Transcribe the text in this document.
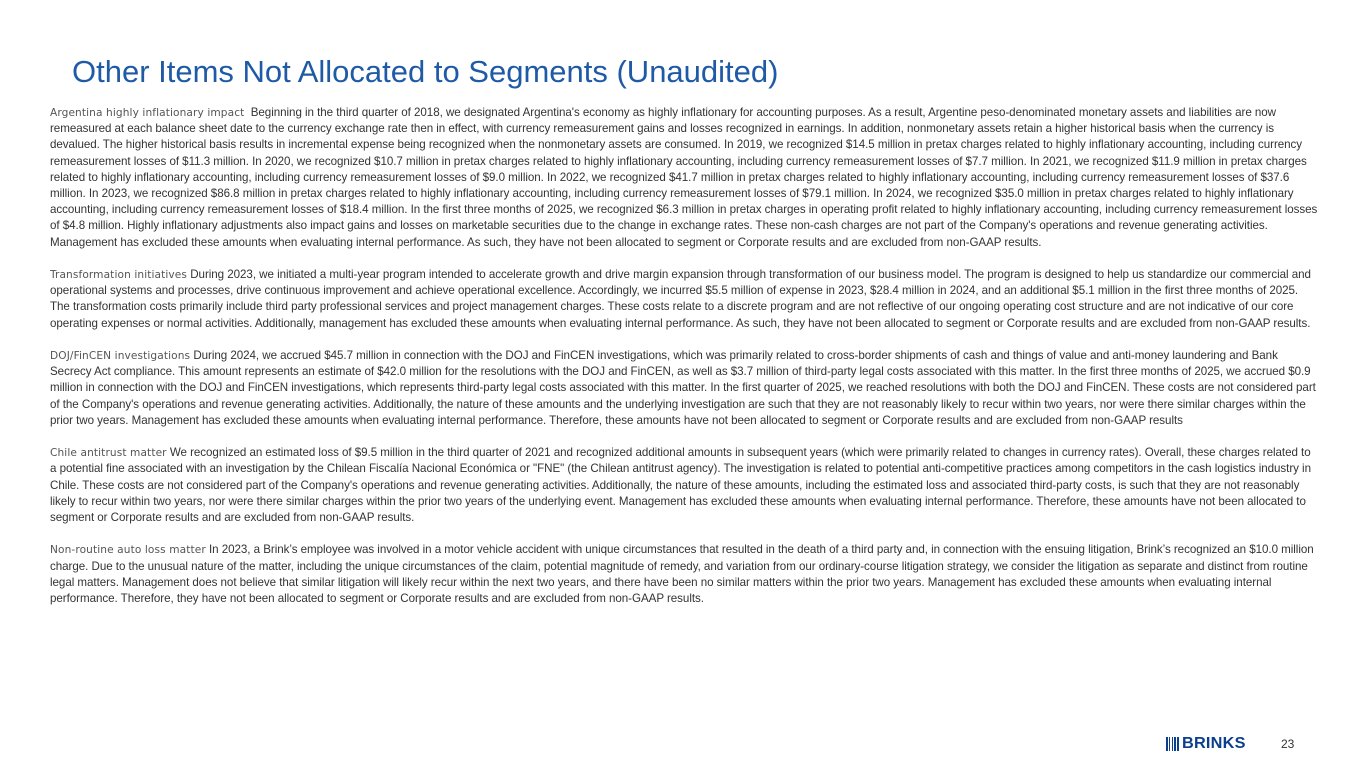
Other Items Not Allocated to Segments (Unaudited)

Argentina highly inflationary impact Beginning in the third quarter of 2018, we designated Argentina's economy as highly inflationary for accounting purposes. As a result, Argentine peso-denominated monetary assets and liabilities are now remeasured at each balance sheet date to the currency exchange rate then in effect, with currency remeasurement gains and losses recognized in earnings. In addition, nonmonetary assets retain a higher historical basis when the currency is devalued. The higher historical basis results in incremental expense being recognized when the nonmonetary assets are consumed. In 2019, we recognized $14.5 million in pretax charges related to highly inflationary accounting, including currency remeasurement losses of $11.3 million. In 2020, we recognized $10.7 million in pretax charges related to highly inflationary accounting, including currency remeasurement losses of $7.7 million. In 2021, we recognized $11.9 million in pretax charges related to highly inflationary accounting, including currency remeasurement losses of $9.0 million. In 2022, we recognized $41.7 million in pretax charges related to highly inflationary accounting, including currency remeasurement losses of $37.6 million. In 2023, we recognized $86.8 million in pretax charges related to highly inflationary accounting, including currency remeasurement losses of $79.1 million. In 2024, we recognized $35.0 million in pretax charges related to highly inflationary accounting, including currency remeasurement losses of $18.4 million. In the first three months of 2025, we recognized $6.3 million in pretax charges in operating profit related to highly inflationary accounting, including currency remeasurement losses of $4.8 million. Highly inflationary adjustments also impact gains and losses on marketable securities due to the change in exchange rates. These non-cash charges are not part of the Company's operations and revenue generating activities. Management has excluded these amounts when evaluating internal performance. As such, they have not been allocated to segment or Corporate results and are excluded from non-GAAP results.

Transformation initiatives During 2023, we initiated a multi-year program intended to accelerate growth and drive margin expansion through transformation of our business model. The program is designed to help us standardize our commercial and operational systems and processes, drive continuous improvement and achieve operational excellence. Accordingly, we incurred $5.5 million of expense in 2023, $28.4 million in 2024, and an additional $5.1 million in the first three months of 2025. The transformation costs primarily include third party professional services and project management charges. These costs relate to a discrete program and are not reflective of our ongoing operating cost structure and are not indicative of our core operating expenses or normal activities. Additionally, management has excluded these amounts when evaluating internal performance. As such, they have not been allocated to segment or Corporate results and are excluded from non-GAAP results.

DOJ/FinCEN investigations During 2024, we accrued $45.7 million in connection with the DOJ and FinCEN investigations, which was primarily related to cross-border shipments of cash and things of value and anti-money laundering and Bank Secrecy Act compliance. This amount represents an estimate of $42.0 million for the resolutions with the DOJ and FinCEN, as well as $3.7 million of third-party legal costs associated with this matter. In the first three months of 2025, we accrued $0.9 million in connection with the DOJ and FinCEN investigations, which represents third-party legal costs associated with this matter. In the first quarter of 2025, we reached resolutions with both the DOJ and FinCEN. These costs are not considered part of the Company's operations and revenue generating activities. Additionally, the nature of these amounts and the underlying investigation are such that they are not reasonably likely to recur within two years, nor were there similar charges within the prior two years. Management has excluded these amounts when evaluating internal performance. Therefore, these amounts have not been allocated to segment or Corporate results and are excluded from non-GAAP results

Chile antitrust matter We recognized an estimated loss of $9.5 million in the third quarter of 2021 and recognized additional amounts in subsequent years (which were primarily related to changes in currency rates). Overall, these charges related to a potential fine associated with an investigation by the Chilean Fiscalía Nacional Económica or "FNE" (the Chilean antitrust agency). The investigation is related to potential anti-competitive practices among competitors in the cash logistics industry in Chile. These costs are not considered part of the Company's operations and revenue generating activities. Additionally, the nature of these amounts, including the estimated loss and associated third-party costs, is such that they are not reasonably likely to recur within two years, nor were there similar charges within the prior two years of the underlying event. Management has excluded these amounts when evaluating internal performance. Therefore, these amounts have not been allocated to segment or Corporate results and are excluded from non-GAAP results.

Non-routine auto loss matter In 2023, a Brink’s employee was involved in a motor vehicle accident with unique circumstances that resulted in the death of a third party and, in connection with the ensuing litigation, Brink’s recognized an $10.0 million charge. Due to the unusual nature of the matter, including the unique circumstances of the claim, potential magnitude of remedy, and variation from our ordinary-course litigation strategy, we consider the litigation as separate and distinct from routine legal matters. Management does not believe that similar litigation will likely recur within the next two years, and there have been no similar matters within the prior two years. Management has excluded these amounts when evaluating internal performance. Therefore, they have not been allocated to segment or Corporate results and are excluded from non-GAAP results.

BRINKS	23
